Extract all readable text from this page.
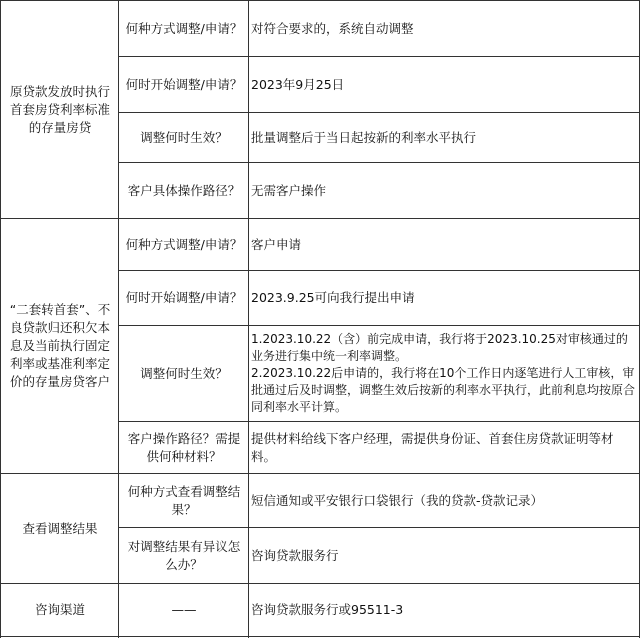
原贷款发放时执行首套房贷利率标准的存量房贷
何种方式调整/申请？ 对符合要求的，系统自动调整
何时开始调整/申请？ 2023年9月25日
调整何时生效？ 批量调整后于当日起按新的利率水平执行
客户具体操作路径？ 无需客户操作
“二套转首套”、不良贷款归还积欠本息及当前执行固定利率或基准利率定价的存量房贷客户
何种方式调整/申请？ 客户申请
何时开始调整/申请？ 2023.9.25可向我行提出申请
调整何时生效？
1.2023.10.22（含）前完成申请，我行将于2023.10.25对审核通过的业务进行集中统一利率调整。
2.2023.10.22后申请的，我行将在10个工作日内逐笔进行人工审核，审批通过后及时调整，调整生效后按新的利率水平执行，此前利息均按原合同利率水平计算。
客户操作路径？需提供何种材料？
提供材料给线下客户经理，需提供身份证、首套住房贷款证明等材料。
查看调整结果
何种方式查看调整结果？
短信通知或平安银行口袋银行（我的贷款-贷款记录）
对调整结果有异议怎么办？
咨询贷款服务行
咨询渠道	——	咨询贷款服务行或95511-3
